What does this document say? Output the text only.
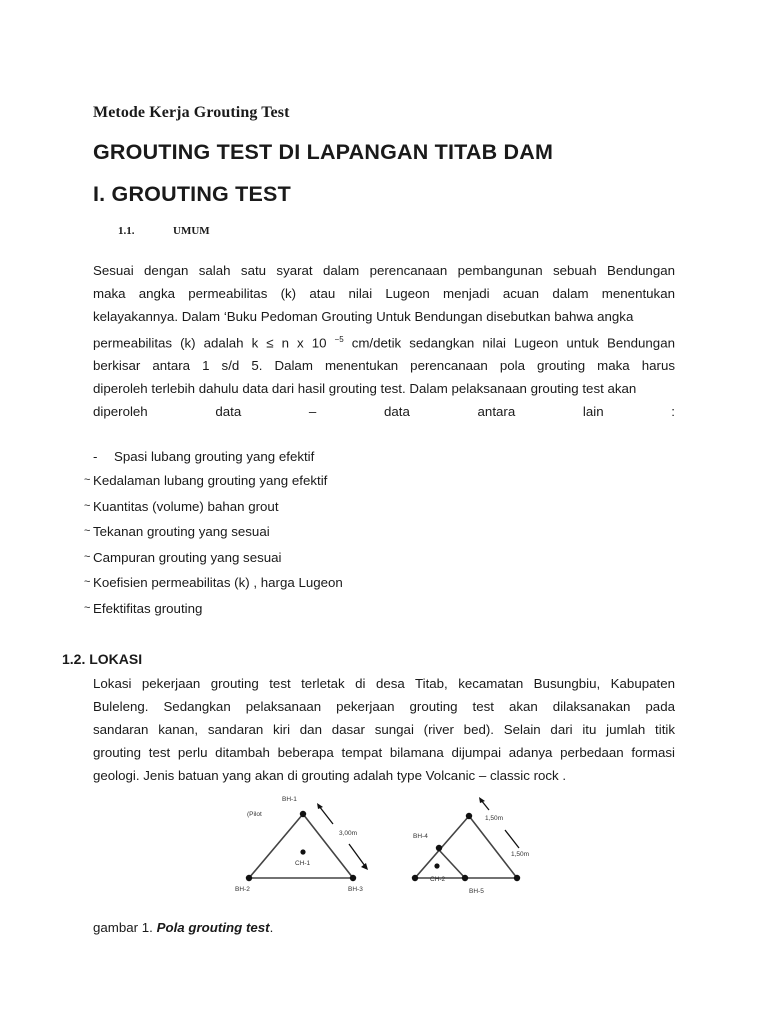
Metode Kerja Grouting Test
GROUTING TEST DI LAPANGAN TITAB DAM
I. GROUTING TEST
1.1.	UMUM
Sesuai dengan salah satu syarat dalam perencanaan pembangunan sebuah Bendungan
maka angka permeabilitas (k) atau nilai Lugeon menjadi acuan dalam menentukan
kelayakannya. Dalam ‘Buku Pedoman Grouting Untuk Bendungan disebutkan bahwa angka
permeabilitas (k) adalah k ≤ n x 10 $^{-5}$ cm/detik sedangkan nilai Lugeon untuk Bendungan
berkisar antara 1 s/d 5. Dalam menentukan perencanaan pola grouting maka harus
diperoleh terlebih dahulu data dari hasil grouting test. Dalam pelaksanaan grouting test akan
diperoleh	data	–	data	antara	lain	:
- Spasi lubang grouting yang efektif
~ Kedalaman lubang grouting yang efektif
~ Kuantitas (volume) bahan grout
~ Tekanan grouting yang sesuai
~ Campuran grouting yang sesuai
~ Koefisien permeabilitas (k) , harga Lugeon
~ Efektifitas grouting
1.2. LOKASI
Lokasi pekerjaan grouting test terletak di desa Titab, kecamatan Busungbiu, Kabupaten
Buleleng. Sedangkan pelaksanaan pekerjaan grouting test akan dilaksanakan pada
sandaran kanan, sandaran kiri dan dasar sungai (river bed). Selain dari itu jumlah titik
grouting test perlu ditambah beberapa tempat bilamana dijumpai adanya perbedaan formasi
geologi. Jenis batuan yang akan di grouting adalah type Volcanic – classic rock .
BH-1
(Pilot
3,00m
CH-1
BH-2	BH-3
1,50m
1,50m
BH-4
CH-2
BH-5
gambar 1. Pola grouting test.
